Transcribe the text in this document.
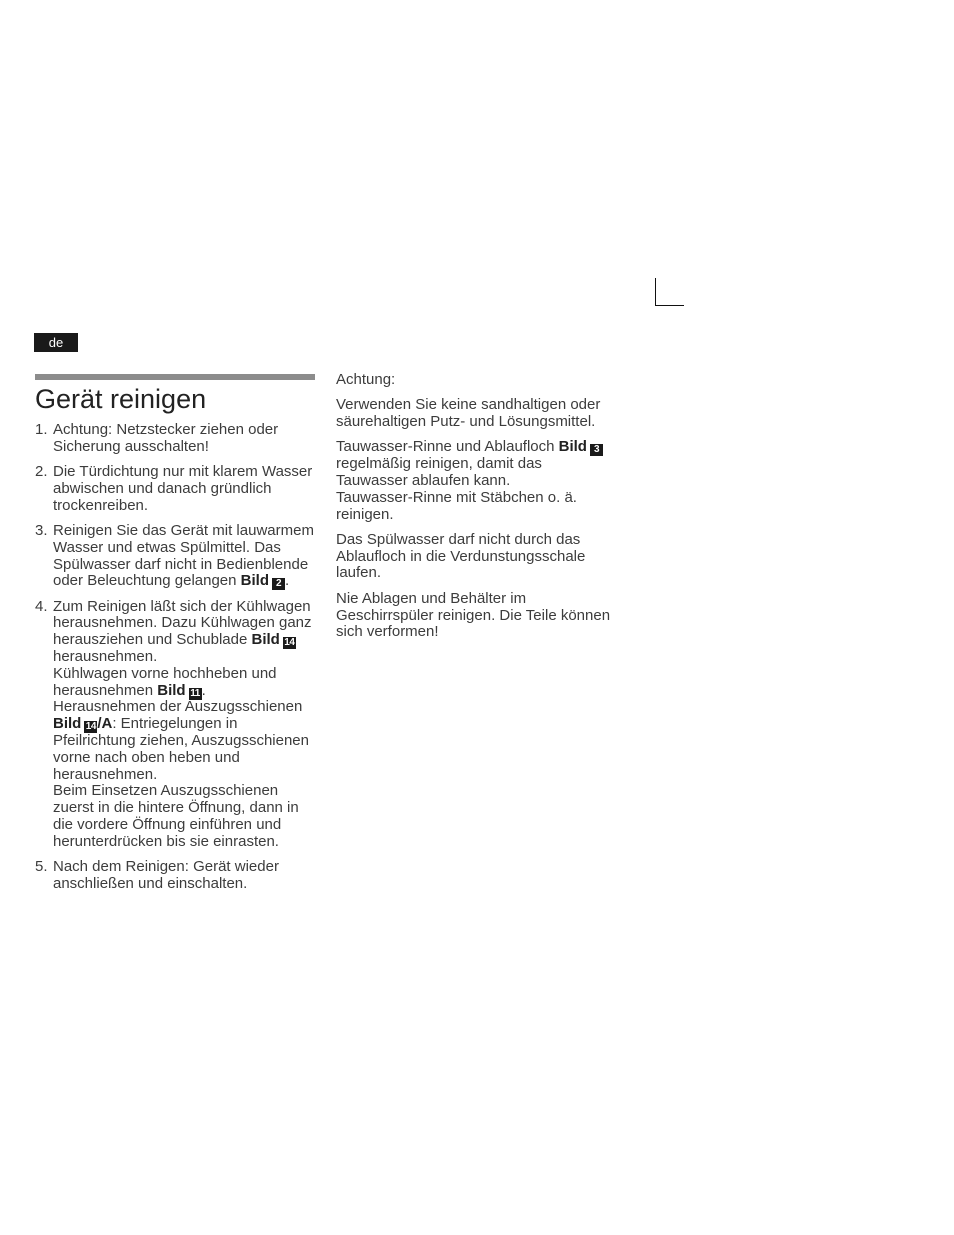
de
Gerät reinigen
1. Achtung: Netzstecker ziehen oder
Sicherung ausschalten!
2. Die Türdichtung nur mit klarem Wasser
abwischen und danach gründlich
trockenreiben.
3. Reinigen Sie das Gerät mit lauwarmem
Wasser und etwas Spülmittel. Das
Spülwasser darf nicht in Bedienblende
oder Beleuchtung gelangen Bild 2 .
4. Zum Reinigen läßt sich der Kühlwagen
herausnehmen. Dazu Kühlwagen ganz
herausziehen und Schublade Bild 14
herausnehmen.
Kühlwagen vorne hochheben und
herausnehmen Bild 11 .
Herausnehmen der Auszugsschienen
Bild 14/A: Entriegelungen in
Pfeilrichtung ziehen, Auszugsschienen
vorne nach oben heben und
herausnehmen.
Beim Einsetzen Auszugsschienen
zuerst in die hintere Öffnung, dann in
die vordere Öffnung einführen und
herunterdrücken bis sie einrasten.
5. Nach dem Reinigen: Gerät wieder
anschließen und einschalten.
Achtung:
Verwenden Sie keine sandhaltigen oder
säurehaltigen Putz- und Lösungsmittel.
Tauwasser-Rinne und Ablaufloch Bild 3
regelmäßig reinigen, damit das
Tauwasser ablaufen kann.
Tauwasser-Rinne mit Stäbchen o. ä.
reinigen.
Das Spülwasser darf nicht durch das
Ablaufloch in die Verdunstungsschale
laufen.
Nie Ablagen und Behälter im
Geschirrspüler reinigen. Die Teile können
sich verformen!
